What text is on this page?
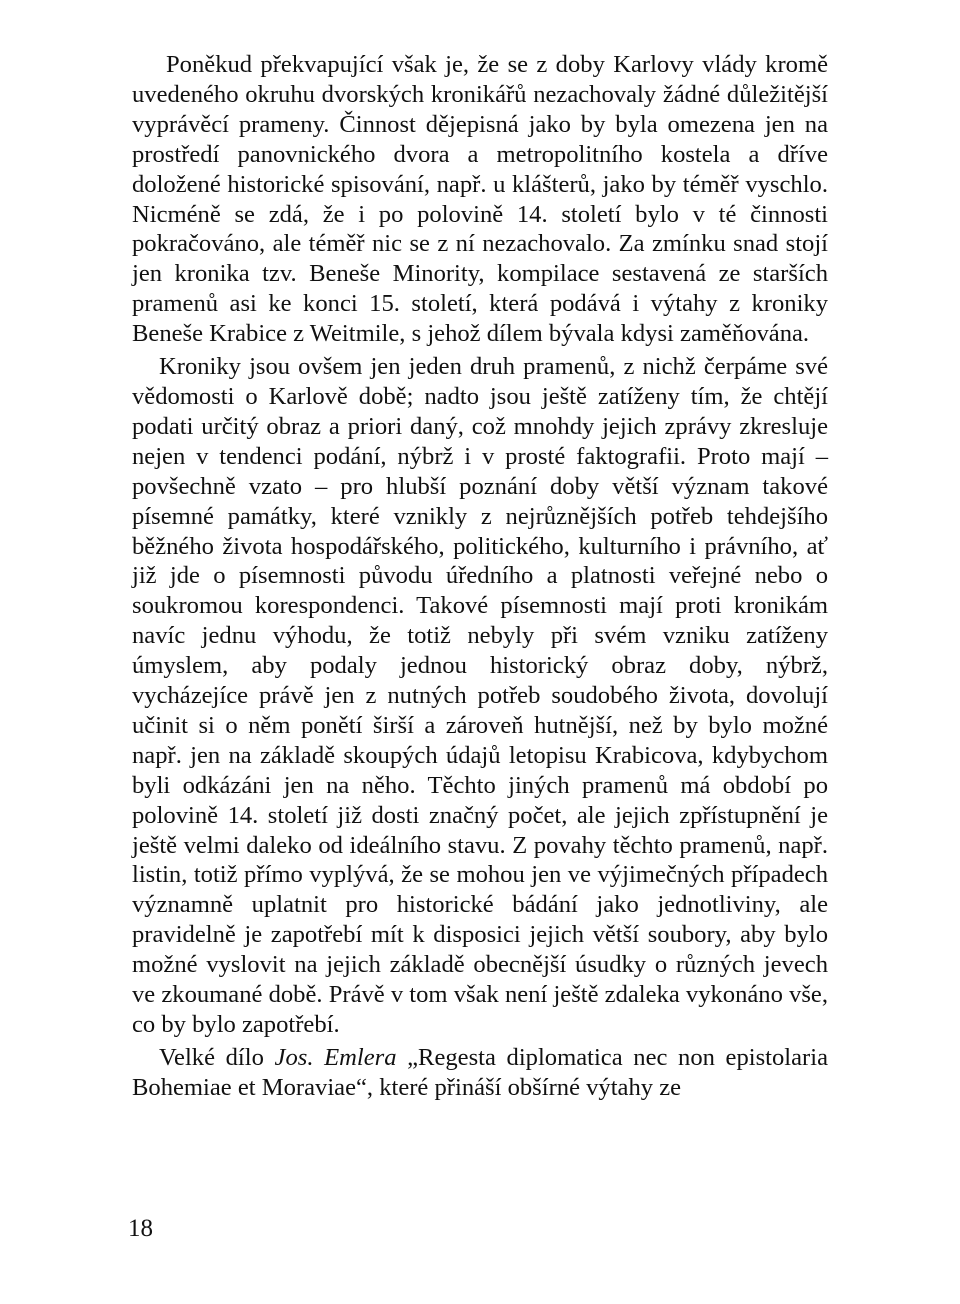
Poněkud překvapující však je, že se z doby Karlovy vlády kromě uvedeného okruhu dvorských kronikářů nezachovaly žádné důležitější vyprávěcí prameny. Činnost dějepisná jako by byla omezena jen na prostředí panovnického dvora a metropolitního kostela a dříve doložené historické spisování, např. u klášterů, jako by téměř vyschlo. Nicméně se zdá, že i po polovině 14. století bylo v té činnosti pokračováno, ale téměř nic se z ní nezachovalo. Za zmínku snad stojí jen kronika tzv. Beneše Minority, kompilace sestavená ze starších pramenů asi ke konci 15. století, která podává i výtahy z kroniky Beneše Krabice z Weitmile, s jehož dílem bývala kdysi zaměňována.

Kroniky jsou ovšem jen jeden druh pramenů, z nichž čerpáme své vědomosti o Karlově době; nadto jsou ještě zatíženy tím, že chtějí podati určitý obraz a priori daný, což mnohdy jejich zprávy zkresluje nejen v tendenci podání, nýbrž i v prosté faktografii. Proto mají – povšechně vzato – pro hlubší poznání doby větší význam takové písemné památky, které vznikly z nejrůznějších potřeb tehdejšího běžného života hospodářského, politického, kulturního i právního, ať již jde o písemnosti původu úředního a platnosti veřejné nebo o soukromou korespondenci. Takové písemnosti mají proti kronikám navíc jednu výhodu, že totiž nebyly při svém vzniku zatíženy úmyslem, aby podaly jednou historický obraz doby, nýbrž, vycházejíce právě jen z nutných potřeb soudobého života, dovolují učinit si o něm ponětí širší a zároveň hutnější, než by bylo možné např. jen na základě skoupých údajů letopisu Krabicova, kdybychom byli odkázáni jen na něho. Těchto jiných pramenů má období po polovině 14. století již dosti značný počet, ale jejich zpřístupnění je ještě velmi daleko od ideálního stavu. Z povahy těchto pramenů, např. listin, totiž přímo vyplývá, že se mohou jen ve výjimečných případech významně uplatnit pro historické bádání jako jednotliviny, ale pravidelně je zapotřebí mít k disposici jejich větší soubory, aby bylo možné vyslovit na jejich základě obecnější úsudky o různých jevech ve zkoumané době. Právě v tom však není ještě zdaleka vykonáno vše, co by bylo zapotřebí.

Velké dílo Jos. Emlera „Regesta diplomatica nec non epistolaria Bohemiae et Moraviae“, které přináší obšírné výtahy ze

18
